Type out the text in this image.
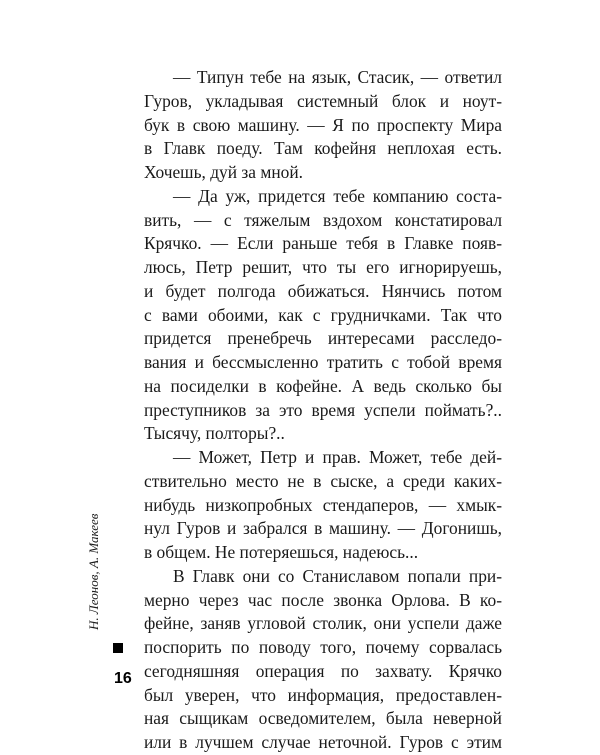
— Типун тебе на язык, Стасик, — ответил
Гуров, укладывая системный блок и ноут-
бук в свою машину. — Я по проспекту Мира
в Главк поеду. Там кофейня неплохая есть.
Хочешь, дуй за мной.
— Да уж, придется тебе компанию соста-
вить, — с тяжелым вздохом констатировал
Крячко. — Если раньше тебя в Главке появ-
люсь, Петр решит, что ты его игнорируешь,
и будет полгода обижаться. Нянчись потом
с вами обоими, как с грудничками. Так что
придется пренебречь интересами расследо-
вания и бессмысленно тратить с тобой время
на посиделки в кофейне. А ведь сколько бы
преступников за это время успели поймать?..
Тысячу, полторы?..
— Может, Петр и прав. Может, тебе дей-
ствительно место не в сыске, а среди каких-
нибудь низкопробных стендаперов, — хмык-
нул Гуров и забрался в машину. — Догонишь,
в общем. Не потеряешься, надеюсь...
В Главк они со Станиславом попали при-
мерно через час после звонка Орлова. В ко-
фейне, заняв угловой столик, они успели даже
поспорить по поводу того, почему сорвалась
сегодняшняя операция по захвату. Крячко
был уверен, что информация, предоставлен-
ная сыщикам осведомителем, была неверной
или в лучшем случае неточной. Гуров с этим
Н. Леонов, А. Макеев
16
